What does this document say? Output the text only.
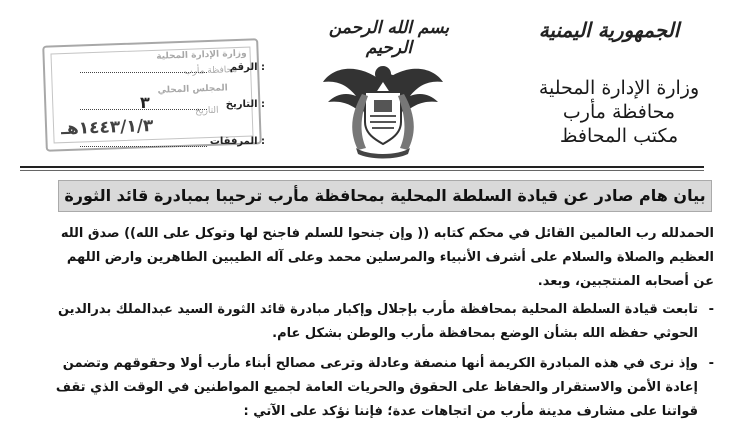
الجمهورية اليمنية
وزارة الإدارة المحلية
محافظة مأرب
مكتب المحافظ
بسم الله الرحمن الرحيم
وزارة الإدارة المحلية
محافظة مأرب
المجلس المحلي
التاريخ
١٤٤٣/١/٣هـ
الرقم :
التاريخ :
٣
المرفقات :
بيان هام صادر عن قيادة السلطة المحلية بمحافظة مأرب ترحيبا بمبادرة قائد الثورة

الحمدلله رب العالمين القائل في محكم كتابه (( وإن جنحوا للسلم فاجنح لها وتوكل على الله)) صدق الله العظيم والصلاة والسلام على أشرف الأنبياء والمرسلين محمد وعلى آله الطيبين الطاهرين وارض اللهم عن أصحابه المنتجبين، وبعد.

-
تابعت قيادة السلطة المحلية بمحافظة مأرب بإجلال وإكبار مبادرة قائد الثورة السيد عبدالملك بدرالدين الحوثي حفظه الله بشأن الوضع بمحافظة مأرب والوطن بشكل عام.
-
وإذ نرى في هذه المبادرة الكريمة أنها منصفة وعادلة وترعى مصالح أبناء مأرب أولا وحقوقهم وتضمن إعادة الأمن والاستقرار والحفاظ على الحقوق والحريات العامة لجميع المواطنين في الوقت الذي تقف قواتنا على مشارف مدينة مأرب من اتجاهات عدة؛ فإننا نؤكد على الآتي :
